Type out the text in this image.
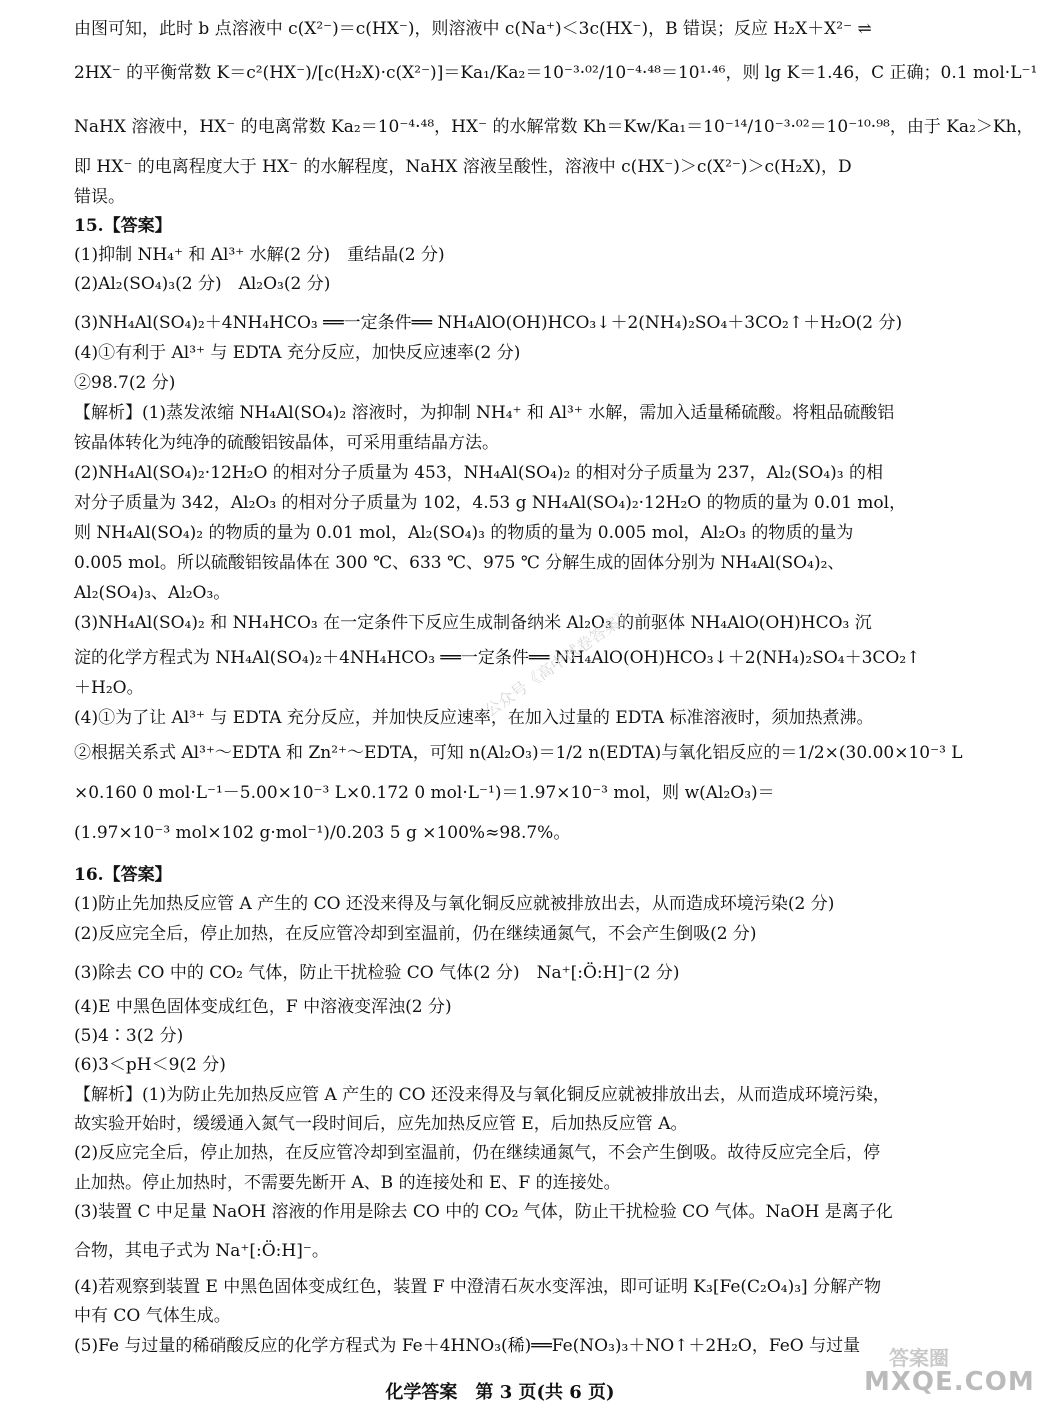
由图可知，此时 b 点溶液中 c(X²⁻)＝c(HX⁻)，则溶液中 c(Na⁺)＜3c(HX⁻)，B 错误；反应 H₂X＋X²⁻ ⇌
2HX⁻ 的平衡常数 K＝c²(HX⁻)/[c(H₂X)·c(X²⁻)]＝Ka₁/Ka₂＝10⁻³·⁰²/10⁻⁴·⁴⁸＝10¹·⁴⁶，则 lg K＝1.46，C 正确；0.1 mol·L⁻¹
NaHX 溶液中，HX⁻ 的电离常数 Ka₂＝10⁻⁴·⁴⁸，HX⁻ 的水解常数 Kh＝Kw/Ka₁＝10⁻¹⁴/10⁻³·⁰²＝10⁻¹⁰·⁹⁸，由于 Ka₂＞Kh，
即 HX⁻ 的电离程度大于 HX⁻ 的水解程度，NaHX 溶液呈酸性，溶液中 c(HX⁻)＞c(X²⁻)＞c(H₂X)，D
错误。
15.【答案】
(1)抑制 NH₄⁺ 和 Al³⁺ 水解(2 分)　重结晶(2 分)
(2)Al₂(SO₄)₃(2 分)　Al₂O₃(2 分)
(3)NH₄Al(SO₄)₂＋4NH₄HCO₃ ══一定条件══ NH₄AlO(OH)HCO₃↓＋2(NH₄)₂SO₄＋3CO₂↑＋H₂O(2 分)
(4)①有利于 Al³⁺ 与 EDTA 充分反应，加快反应速率(2 分)
②98.7(2 分)
【解析】(1)蒸发浓缩 NH₄Al(SO₄)₂ 溶液时，为抑制 NH₄⁺ 和 Al³⁺ 水解，需加入适量稀硫酸。将粗品硫酸铝
铵晶体转化为纯净的硫酸铝铵晶体，可采用重结晶方法。
(2)NH₄Al(SO₄)₂·12H₂O 的相对分子质量为 453，NH₄Al(SO₄)₂ 的相对分子质量为 237，Al₂(SO₄)₃ 的相
对分子质量为 342，Al₂O₃ 的相对分子质量为 102，4.53 g NH₄Al(SO₄)₂·12H₂O 的物质的量为 0.01 mol，
则 NH₄Al(SO₄)₂ 的物质的量为 0.01 mol，Al₂(SO₄)₃ 的物质的量为 0.005 mol，Al₂O₃ 的物质的量为
0.005 mol。所以硫酸铝铵晶体在 300 ℃、633 ℃、975 ℃ 分解生成的固体分别为 NH₄Al(SO₄)₂、
Al₂(SO₄)₃、Al₂O₃。
(3)NH₄Al(SO₄)₂ 和 NH₄HCO₃ 在一定条件下反应生成制备纳米 Al₂O₃ 的前驱体 NH₄AlO(OH)HCO₃ 沉
淀的化学方程式为 NH₄Al(SO₄)₂＋4NH₄HCO₃ ══一定条件══ NH₄AlO(OH)HCO₃↓＋2(NH₄)₂SO₄＋3CO₂↑
＋H₂O。
(4)①为了让 Al³⁺ 与 EDTA 充分反应，并加快反应速率，在加入过量的 EDTA 标准溶液时，须加热煮沸。
②根据关系式 Al³⁺～EDTA 和 Zn²⁺～EDTA，可知 n(Al₂O₃)＝1/2 n(EDTA)与氧化铝反应的＝1/2×(30.00×10⁻³ L
×0.160 0 mol·L⁻¹－5.00×10⁻³ L×0.172 0 mol·L⁻¹)＝1.97×10⁻³ mol，则 w(Al₂O₃)＝
(1.97×10⁻³ mol×102 g·mol⁻¹)/0.203 5 g ×100%≈98.7%。
16.【答案】
(1)防止先加热反应管 A 产生的 CO 还没来得及与氧化铜反应就被排放出去，从而造成环境污染(2 分)
(2)反应完全后，停止加热，在反应管冷却到室温前，仍在继续通氮气，不会产生倒吸(2 分)
(3)除去 CO 中的 CO₂ 气体，防止干扰检验 CO 气体(2 分)　Na⁺[:Ö:H]⁻(2 分)
(4)E 中黑色固体变成红色，F 中溶液变浑浊(2 分)
(5)4∶3(2 分)
(6)3＜pH＜9(2 分)
【解析】(1)为防止先加热反应管 A 产生的 CO 还没来得及与氧化铜反应就被排放出去，从而造成环境污染，
故实验开始时，缓缓通入氮气一段时间后，应先加热反应管 E，后加热反应管 A。
(2)反应完全后，停止加热，在反应管冷却到室温前，仍在继续通氮气，不会产生倒吸。故待反应完全后，停
止加热。停止加热时，不需要先断开 A、B 的连接处和 E、F 的连接处。
(3)装置 C 中足量 NaOH 溶液的作用是除去 CO 中的 CO₂ 气体，防止干扰检验 CO 气体。NaOH 是离子化
合物，其电子式为 Na⁺[:Ö:H]⁻。
(4)若观察到装置 E 中黑色固体变成红色，装置 F 中澄清石灰水变浑浊，即可证明 K₃[Fe(C₂O₄)₃] 分解产物
中有 CO 气体生成。
(5)Fe 与过量的稀硝酸反应的化学方程式为 Fe＋4HNO₃(稀)══Fe(NO₃)₃＋NO↑＋2H₂O，FeO 与过量
公众号《高中试卷答案》
化学答案　第 3 页(共 6 页)
答案圈
MXQE.COM
